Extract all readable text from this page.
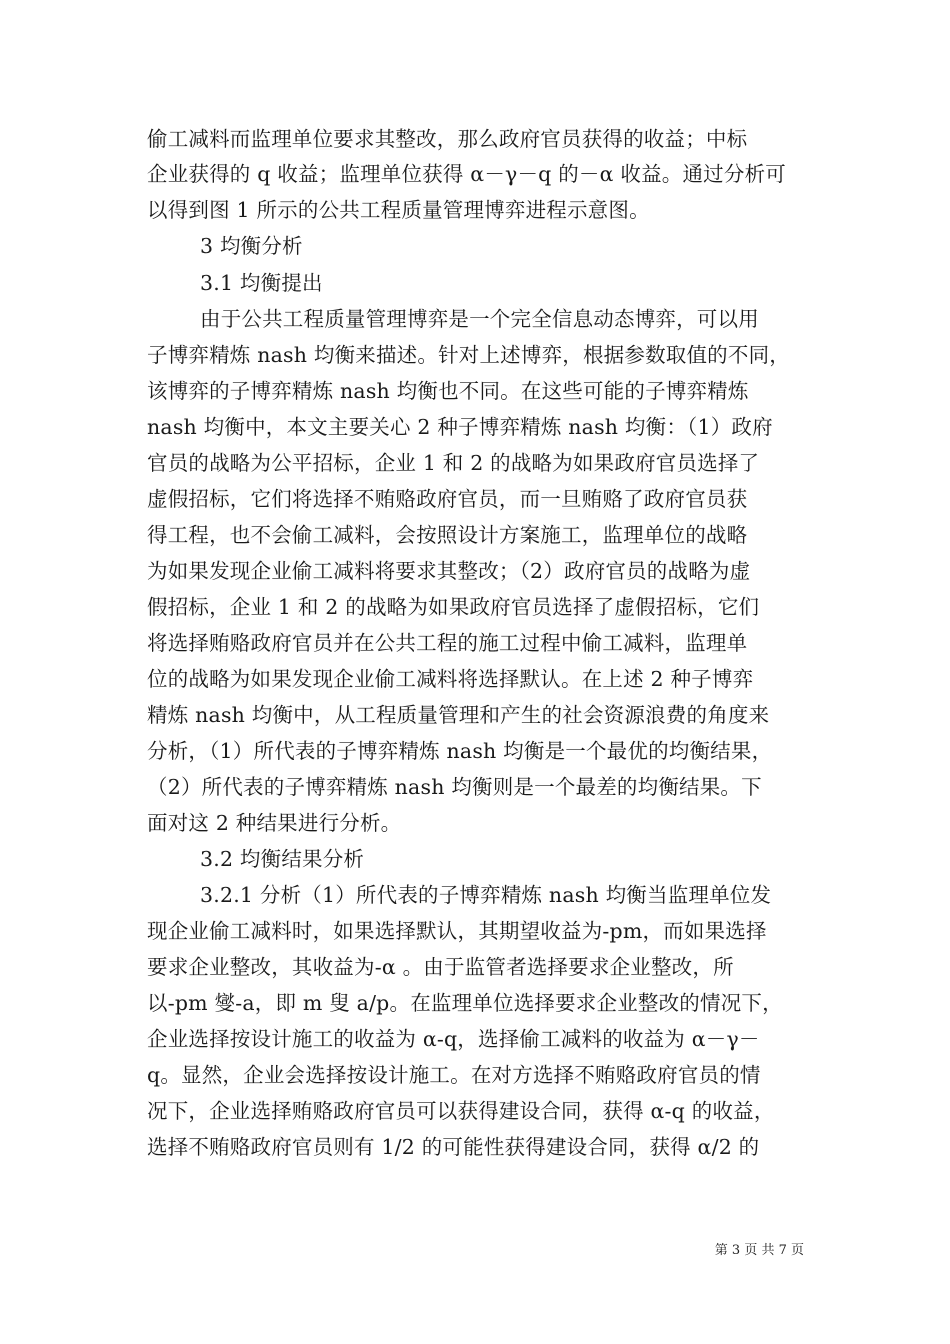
偷工减料而监理单位要求其整改，那么政府官员获得的收益；中标
企业获得的 q 收益；监理单位获得 α－γ－q 的－α 收益。通过分析可
以得到图 1 所示的公共工程质量管理博弈进程示意图。
3 均衡分析
3.1 均衡提出
由于公共工程质量管理博弈是一个完全信息动态博弈，可以用
子博弈精炼 nash 均衡来描述。针对上述博弈，根据参数取值的不同，
该博弈的子博弈精炼 nash 均衡也不同。在这些可能的子博弈精炼
nash 均衡中，本文主要关心 2 种子博弈精炼 nash 均衡：（1）政府
官员的战略为公平招标，企业 1 和 2 的战略为如果政府官员选择了
虚假招标，它们将选择不贿赂政府官员，而一旦贿赂了政府官员获
得工程，也不会偷工减料，会按照设计方案施工，监理单位的战略
为如果发现企业偷工减料将要求其整改；（2）政府官员的战略为虚
假招标，企业 1 和 2 的战略为如果政府官员选择了虚假招标，它们
将选择贿赂政府官员并在公共工程的施工过程中偷工减料，监理单
位的战略为如果发现企业偷工减料将选择默认。在上述 2 种子博弈
精炼 nash 均衡中，从工程质量管理和产生的社会资源浪费的角度来
分析，（1）所代表的子博弈精炼 nash 均衡是一个最优的均衡结果，
（2）所代表的子博弈精炼 nash 均衡则是一个最差的均衡结果。下
面对这 2 种结果进行分析。
3.2 均衡结果分析
3.2.1 分析（1）所代表的子博弈精炼 nash 均衡当监理单位发
现企业偷工减料时，如果选择默认，其期望收益为-pm，而如果选择
要求企业整改，其收益为-α 。由于监管者选择要求企业整改，所
以-pm 燮-a，即 m 叟 a/p。在监理单位选择要求企业整改的情况下，
企业选择按设计施工的收益为 α-q，选择偷工减料的收益为 α－γ－
q。显然，企业会选择按设计施工。在对方选择不贿赂政府官员的情
况下，企业选择贿赂政府官员可以获得建设合同，获得 α-q 的收益，
选择不贿赂政府官员则有 1/2 的可能性获得建设合同，获得 α/2 的
第 3 页 共 7 页
